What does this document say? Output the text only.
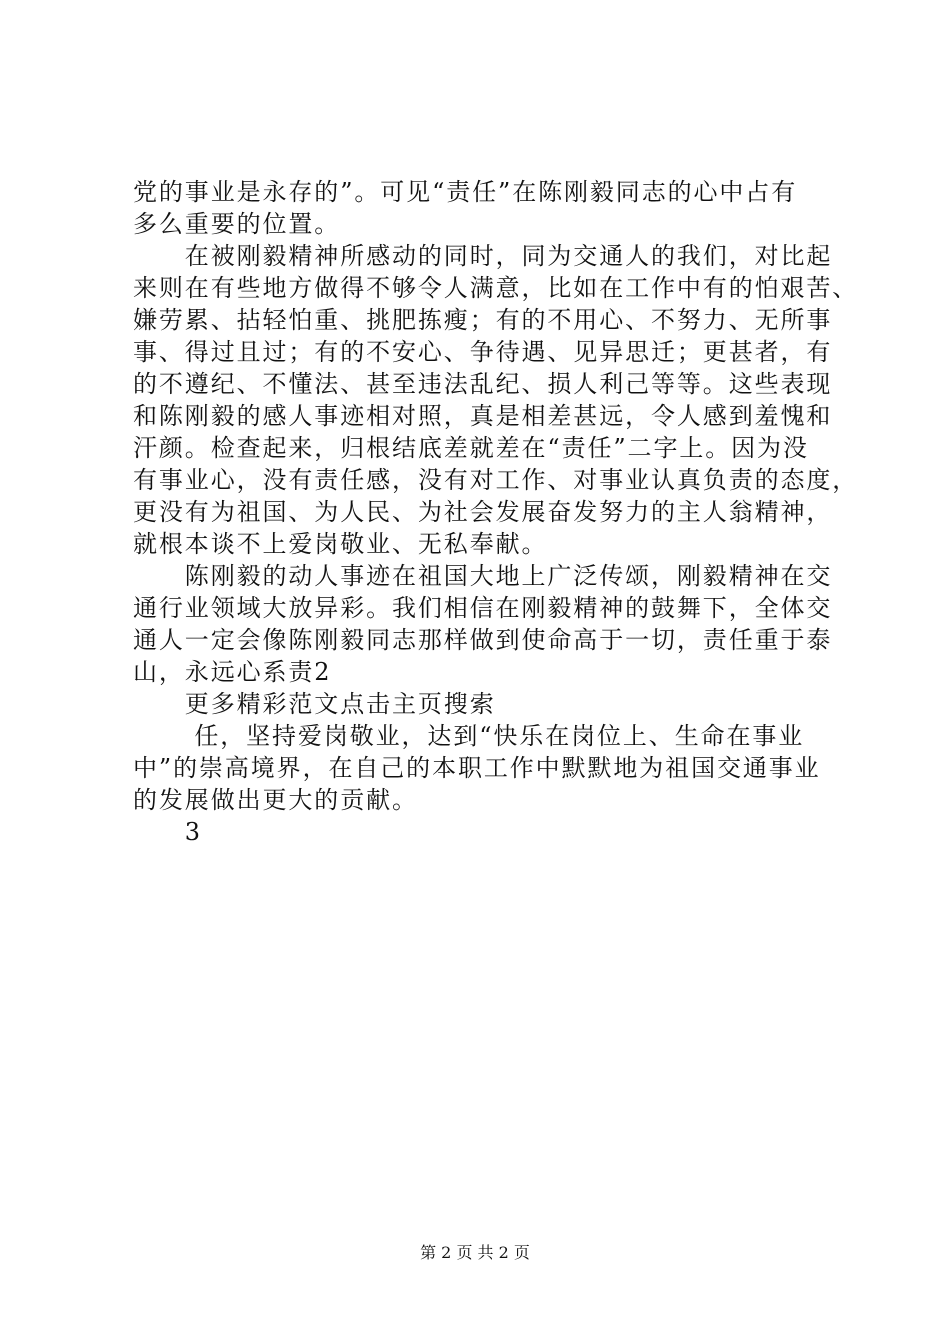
党的事业是永存的”。可见“责任”在陈刚毅同志的心中占有
多么重要的位置。
　　在被刚毅精神所感动的同时，同为交通人的我们，对比起
来则在有些地方做得不够令人满意，比如在工作中有的怕艰苦、
嫌劳累、拈轻怕重、挑肥拣瘦；有的不用心、不努力、无所事
事、得过且过；有的不安心、争待遇、见异思迁；更甚者，有
的不遵纪、不懂法、甚至违法乱纪、损人利己等等。这些表现
和陈刚毅的感人事迹相对照，真是相差甚远，令人感到羞愧和
汗颜。检查起来，归根结底差就差在“责任”二字上。因为没
有事业心，没有责任感，没有对工作、对事业认真负责的态度，
更没有为祖国、为人民、为社会发展奋发努力的主人翁精神，
就根本谈不上爱岗敬业、无私奉献。
　　陈刚毅的动人事迹在祖国大地上广泛传颂，刚毅精神在交
通行业领域大放异彩。我们相信在刚毅精神的鼓舞下，全体交
通人一定会像陈刚毅同志那样做到使命高于一切，责任重于泰
山，永远心系责2
　　更多精彩范文点击主页搜索
　　 任，坚持爱岗敬业，达到“快乐在岗位上、生命在事业
中”的崇高境界，在自己的本职工作中默默地为祖国交通事业
的发展做出更大的贡献。
　　3
第 2 页 共 2 页
